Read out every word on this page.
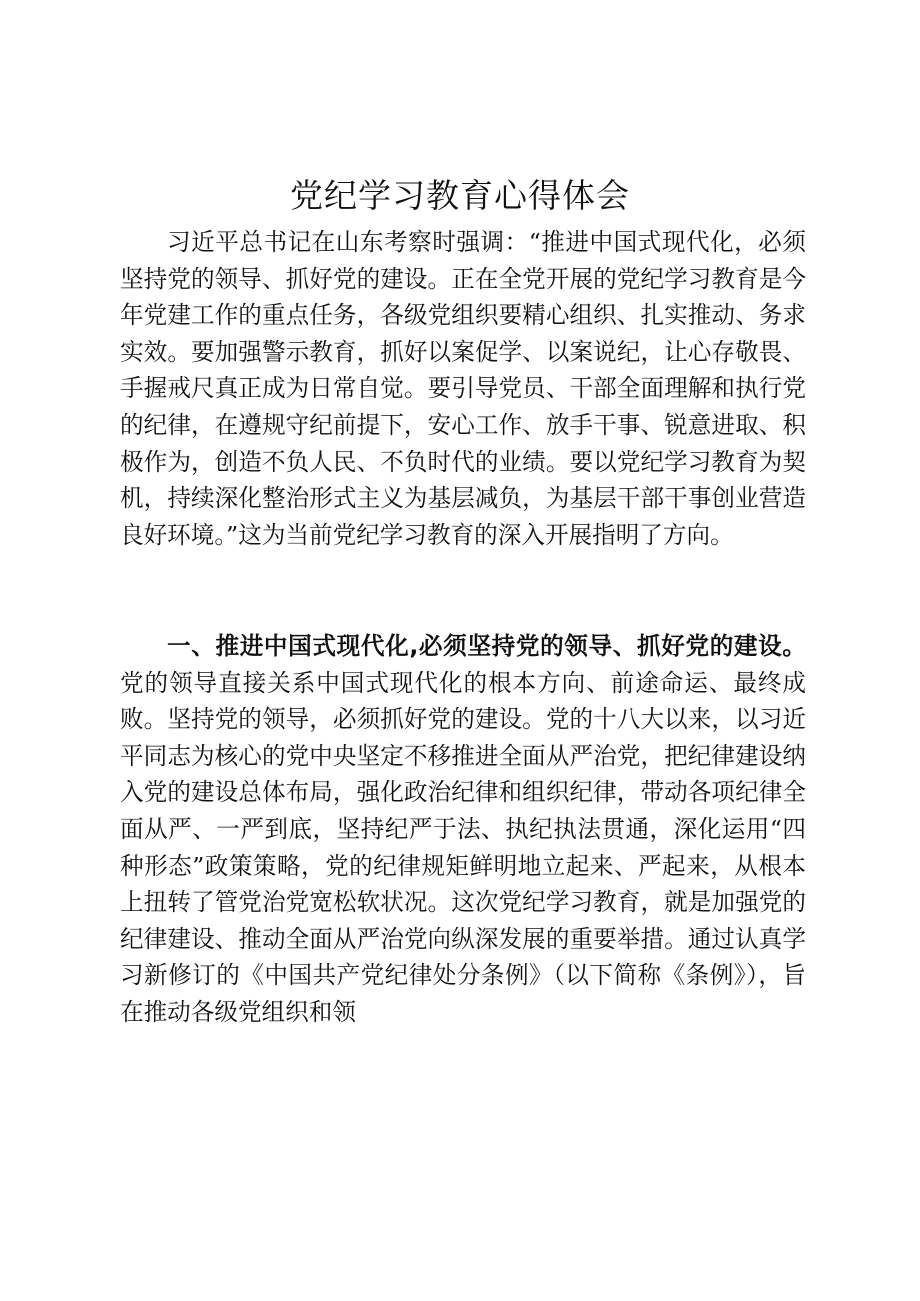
党纪学习教育心得体会

习近平总书记在山东考察时强调：“推进中国式现代化，必须坚持党的领导、抓好党的建设。正在全党开展的党纪学习教育是今年党建工作的重点任务，各级党组织要精心组织、扎实推动、务求实效。要加强警示教育，抓好以案促学、以案说纪，让心存敬畏、手握戒尺真正成为日常自觉。要引导党员、干部全面理解和执行党的纪律，在遵规守纪前提下，安心工作、放手干事、锐意进取、积极作为，创造不负人民、不负时代的业绩。要以党纪学习教育为契机，持续深化整治形式主义为基层减负，为基层干部干事创业营造良好环境。”这为当前党纪学习教育的深入开展指明了方向。

一、推进中国式现代化,必须坚持党的领导、抓好党的建设。党的领导直接关系中国式现代化的根本方向、前途命运、最终成败。坚持党的领导，必须抓好党的建设。党的十八大以来，以习近平同志为核心的党中央坚定不移推进全面从严治党，把纪律建设纳入党的建设总体布局，强化政治纪律和组织纪律，带动各项纪律全面从严、一严到底，坚持纪严于法、执纪执法贯通，深化运用“四种形态”政策策略，党的纪律规矩鲜明地立起来、严起来，从根本上扭转了管党治党宽松软状况。这次党纪学习教育，就是加强党的纪律建设、推动全面从严治党向纵深发展的重要举措。通过认真学习新修订的《中国共产党纪律处分条例》（以下简称《条例》），旨在推动各级党组织和领
